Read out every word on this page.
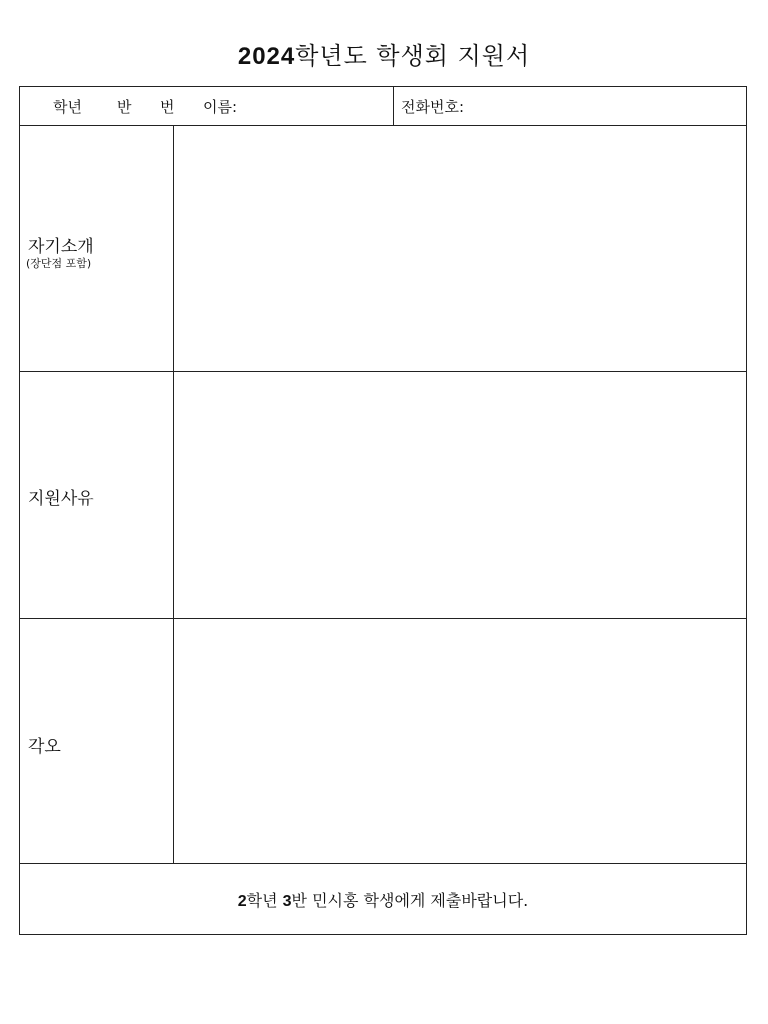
2024학년도 학생회 지원서
학년 반 번 이름:	전화번호:
자기소개
(장단점 포함)
지원사유
각오
2학년 3반 민시홍 학생에게 제출바랍니다.
